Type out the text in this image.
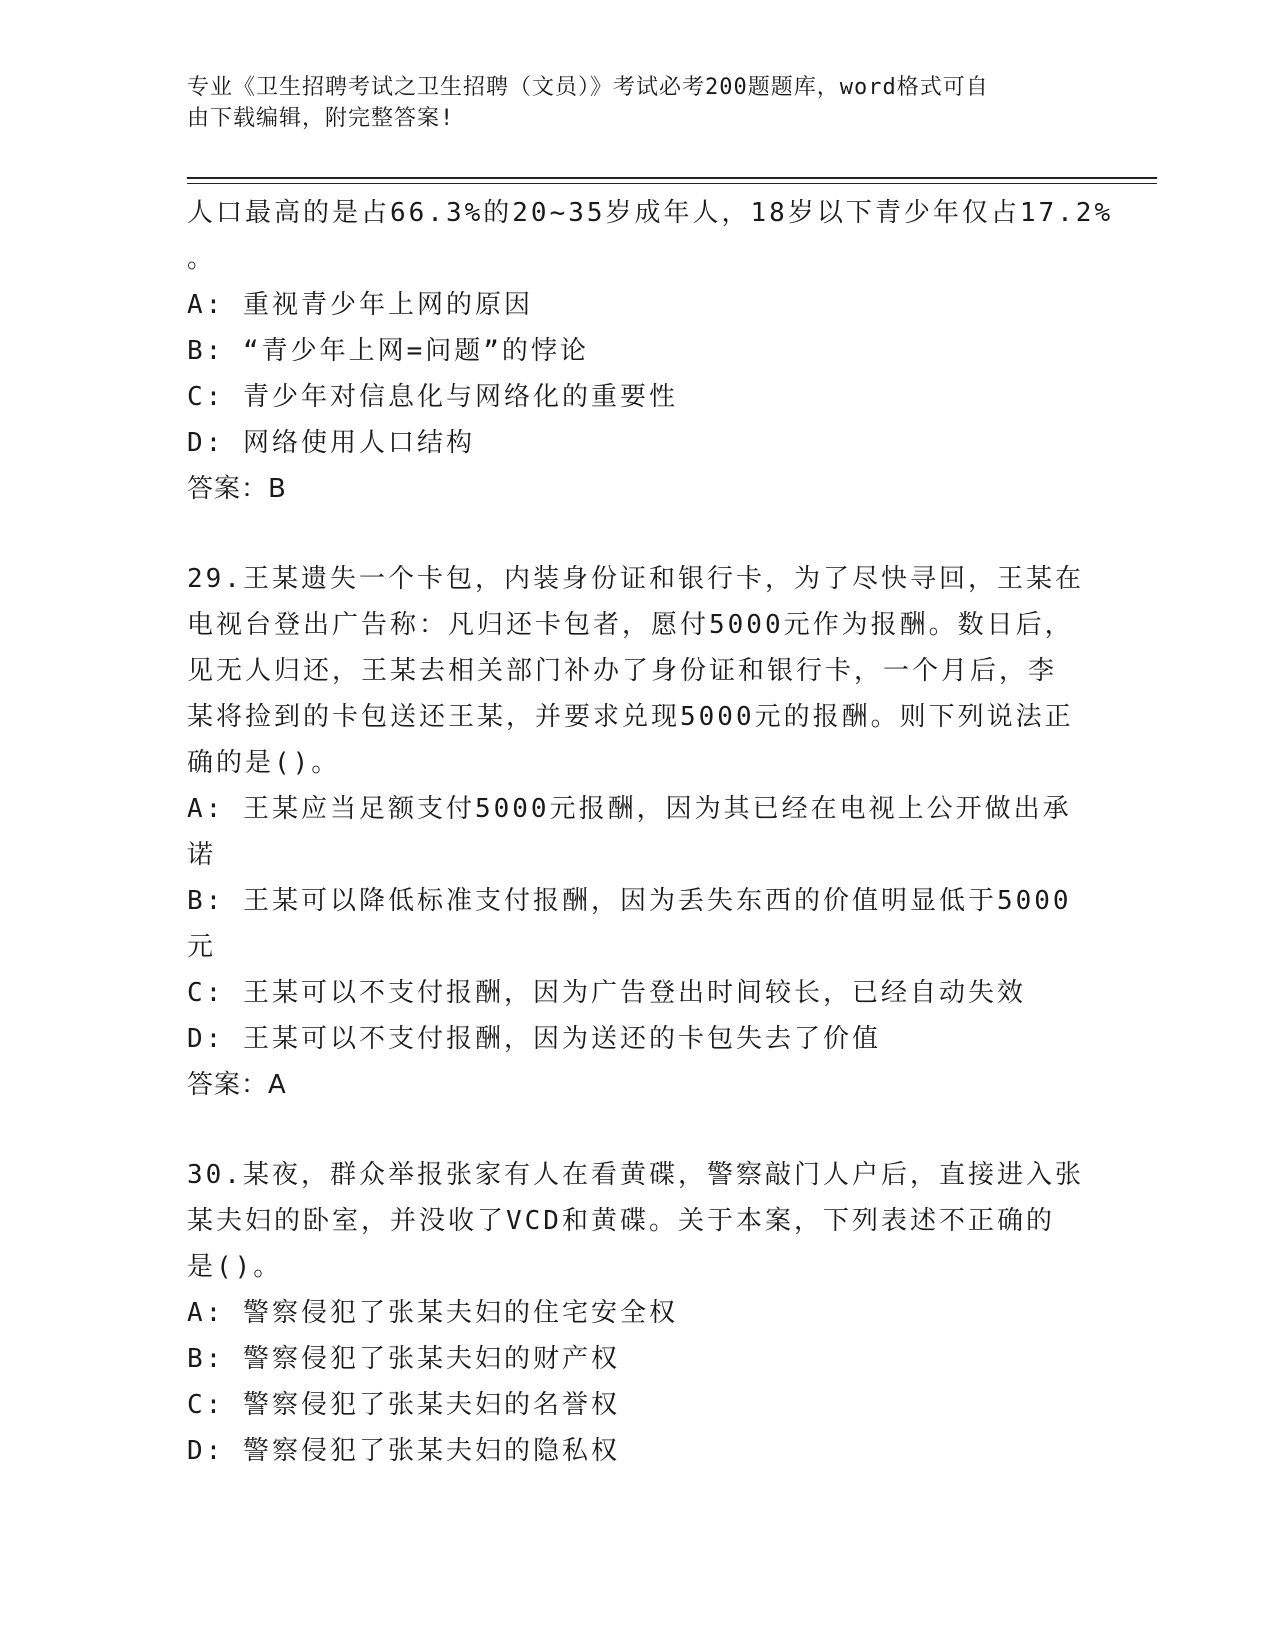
专业《卫生招聘考试之卫生招聘（文员）》考试必考200题题库，word格式可自
由下载编辑，附完整答案!
人口最高的是占66.3%的20~35岁成年人，18岁以下青少年仅占17.2%
。
A: 重视青少年上网的原因
B: “青少年上网=问题”的悖论
C: 青少年对信息化与网络化的重要性
D: 网络使用人口结构
答案：B
29.王某遗失一个卡包，内装身份证和银行卡，为了尽快寻回，王某在
电视台登出广告称：凡归还卡包者，愿付5000元作为报酬。数日后，
见无人归还，王某去相关部门补办了身份证和银行卡，一个月后，李
某将捡到的卡包送还王某，并要求兑现5000元的报酬。则下列说法正
确的是()。
A: 王某应当足额支付5000元报酬，因为其已经在电视上公开做出承
诺
B: 王某可以降低标准支付报酬，因为丢失东西的价值明显低于5000
元
C: 王某可以不支付报酬，因为广告登出时间较长，已经自动失效
D: 王某可以不支付报酬，因为送还的卡包失去了价值
答案：A
30.某夜，群众举报张家有人在看黄碟，警察敲门人户后，直接进入张
某夫妇的卧室，并没收了VCD和黄碟。关于本案，下列表述不正确的
是()。
A: 警察侵犯了张某夫妇的住宅安全权
B: 警察侵犯了张某夫妇的财产权
C: 警察侵犯了张某夫妇的名誉权
D: 警察侵犯了张某夫妇的隐私权
